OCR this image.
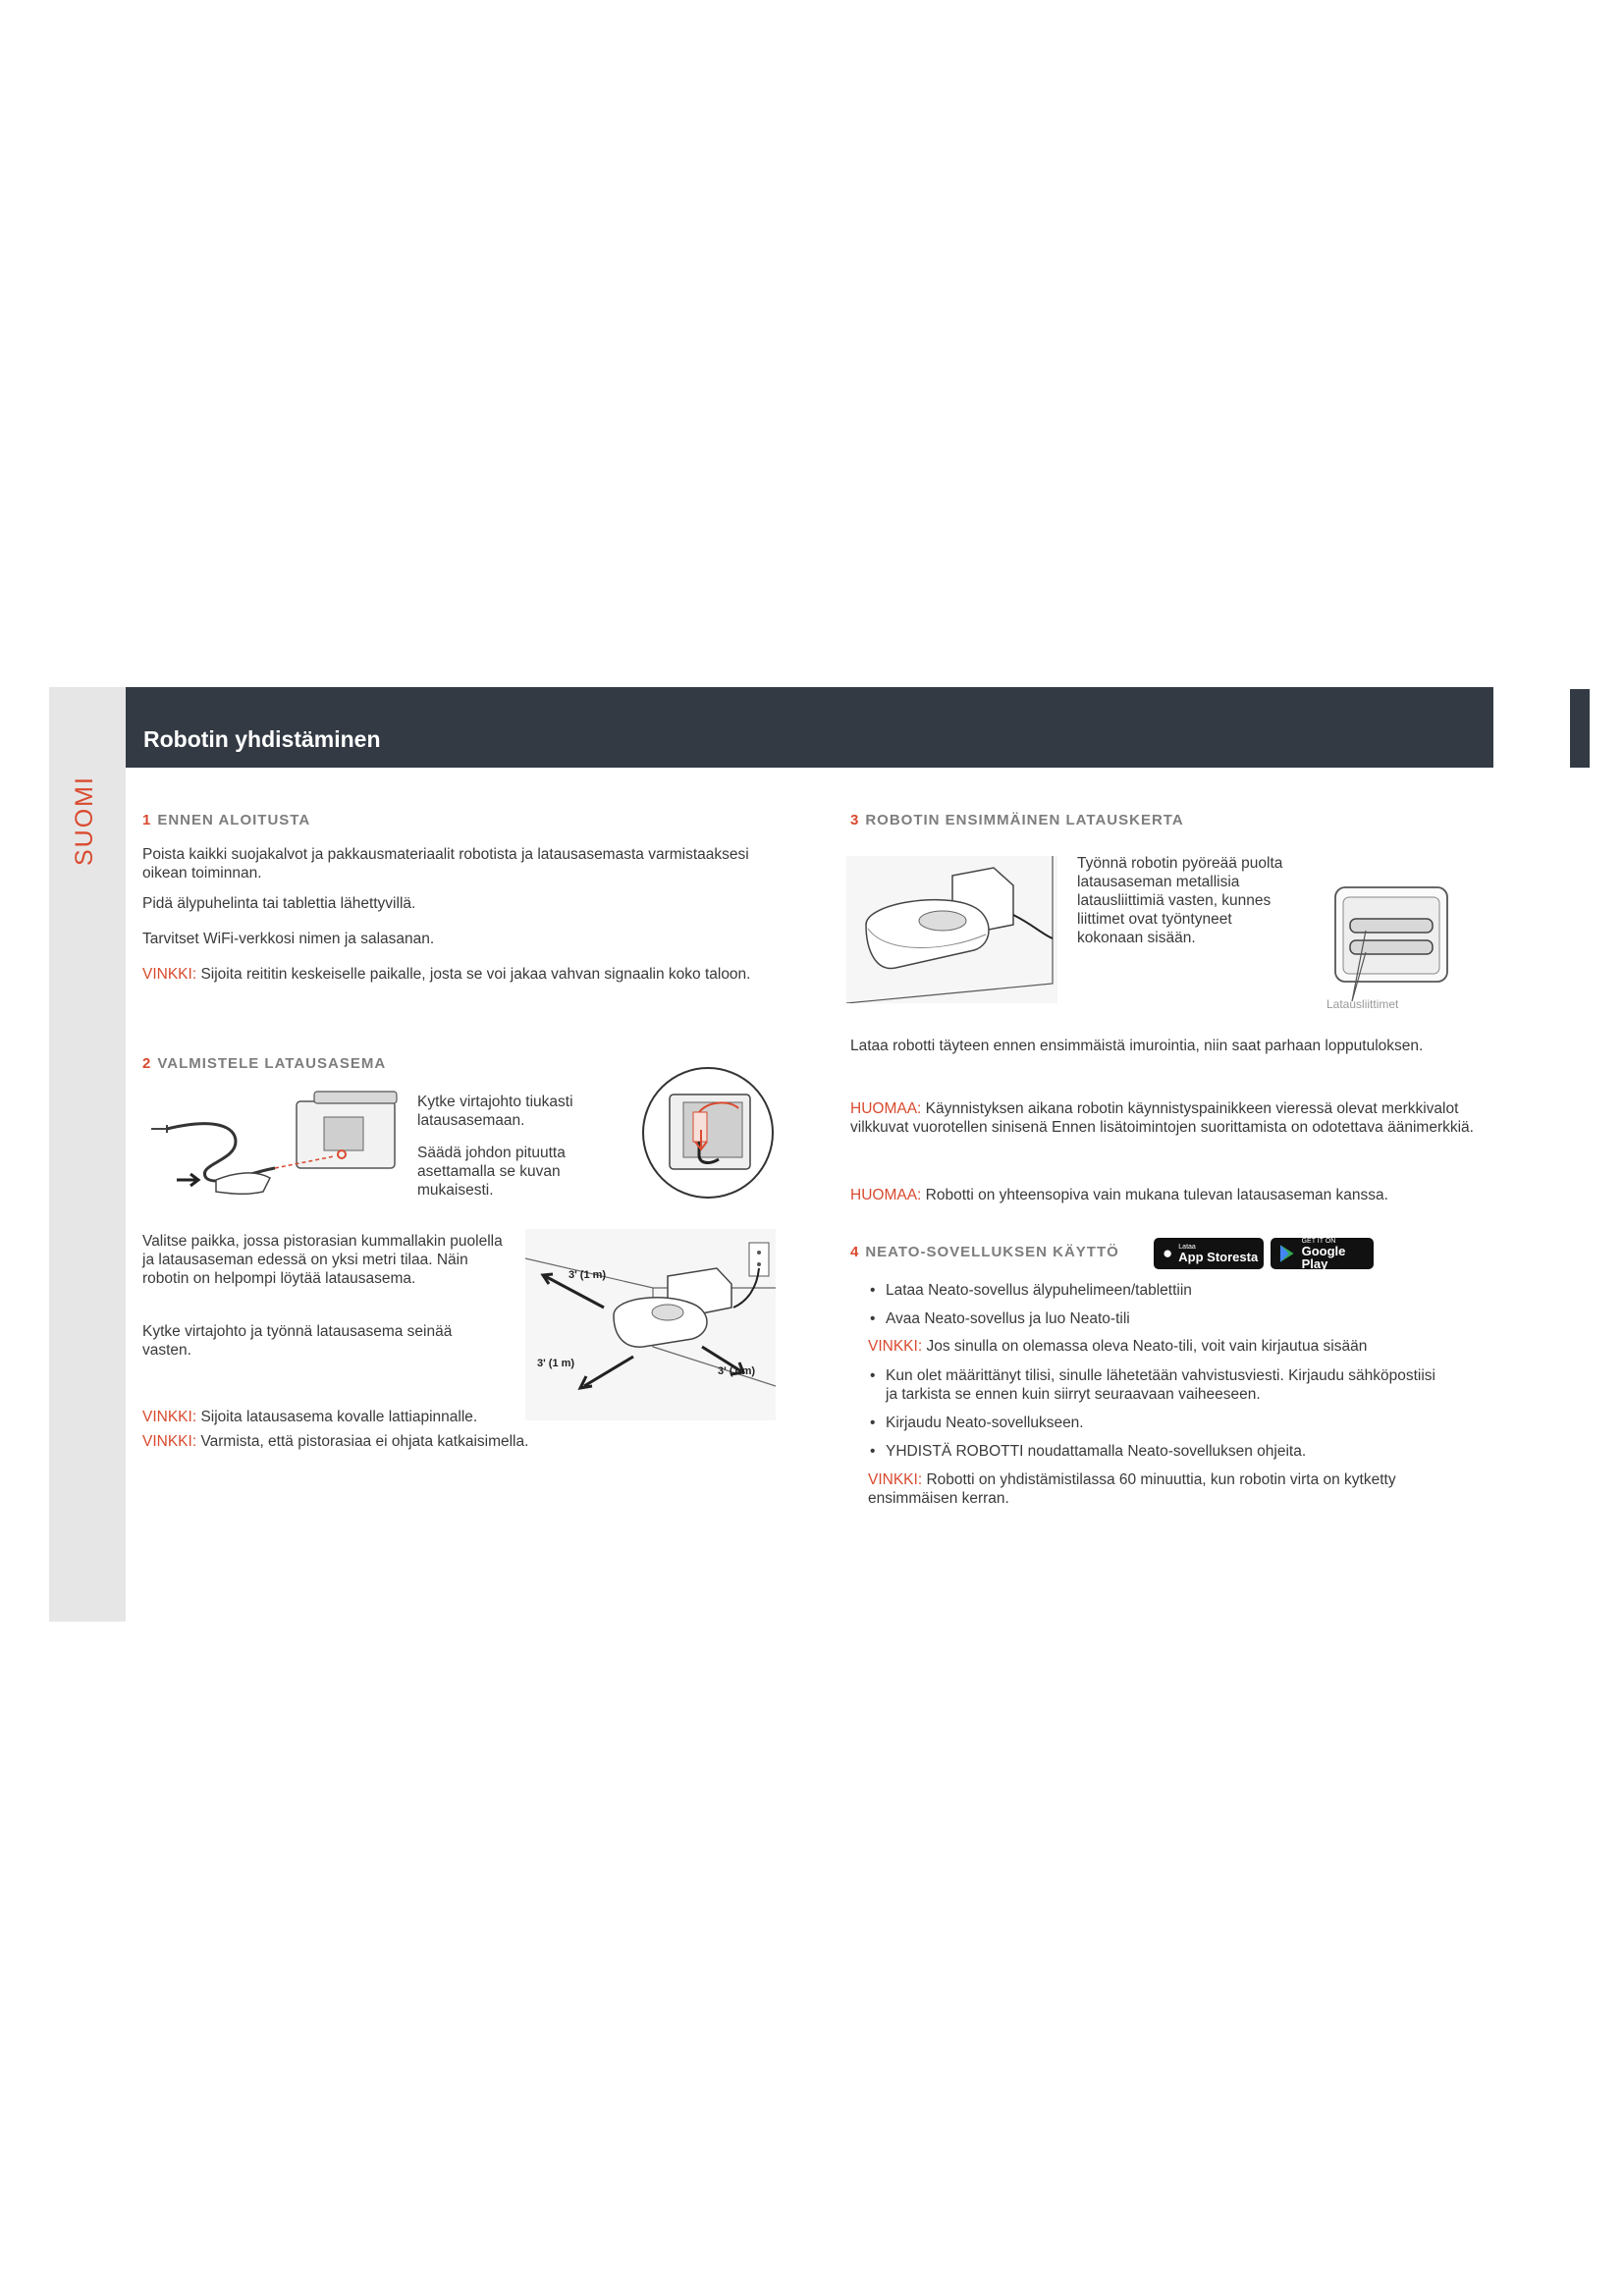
SUOMI
Robotin yhdistäminen
1 ENNEN ALOITUSTA
Poista kaikki suojakalvot ja pakkausmateriaalit robotista ja latausasemasta varmistaaksesi oikean toiminnan.
Pidä älypuhelinta tai tablettia lähettyvillä.
Tarvitset WiFi-verkkosi nimen ja salasanan.
VINKKI: Sijoita reititin keskeiselle paikalle, josta se voi jakaa vahvan signaalin koko taloon.
2 VALMISTELE LATAUSASEMA
Kytke virtajohto tiukasti latausasemaan.
Säädä johdon pituutta asettamalla se kuvan mukaisesti.
Valitse paikka, jossa pistorasian kummallakin puolella ja latausaseman edessä on yksi metri tilaa. Näin robotin on helpompi löytää latausasema.
Kytke virtajohto ja työnnä latausasema seinää vasten.
3' (1 m)
3' (1 m)
3' (1 m)
VINKKI: Sijoita latausasema kovalle lattiapinnalle.
VINKKI: Varmista, että pistorasiaa ei ohjata katkaisimella.
3 ROBOTIN ENSIMMÄINEN LATAUSKERTA
Työnnä robotin pyöreää puolta latausaseman metallisia latausliittimiä vasten, kunnes liittimet ovat työntyneet kokonaan sisään.
Latausliittimet
Lataa robotti täyteen ennen ensimmäistä imurointia, niin saat parhaan lopputuloksen.
HUOMAA: Käynnistyksen aikana robotin käynnistyspainikkeen vieressä olevat merkkivalot vilkkuvat vuorotellen sinisenä Ennen lisätoimintojen suorittamista on odotettava äänimerkkiä.
HUOMAA: Robotti on yhteensopiva vain mukana tulevan latausaseman kanssa.
4 NEATO-SOVELLUKSEN KÄYTTÖ	● Lataa
App Storesta
GET IT ON
Google Play
• Lataa Neato-sovellus älypuhelimeen/tablettiin
• Avaa Neato-sovellus ja luo Neato-tili
VINKKI: Jos sinulla on olemassa oleva Neato-tili, voit vain kirjautua sisään
• Kun olet määrittänyt tilisi, sinulle lähetetään vahvistusviesti. Kirjaudu sähköpostiisi ja tarkista se ennen kuin siirryt seuraavaan vaiheeseen.
• Kirjaudu Neato-sovellukseen.
• YHDISTÄ ROBOTTI noudattamalla Neato-sovelluksen ohjeita.
VINKKI: Robotti on yhdistämistilassa 60 minuuttia, kun robotin virta on kytketty ensimmäisen kerran.
